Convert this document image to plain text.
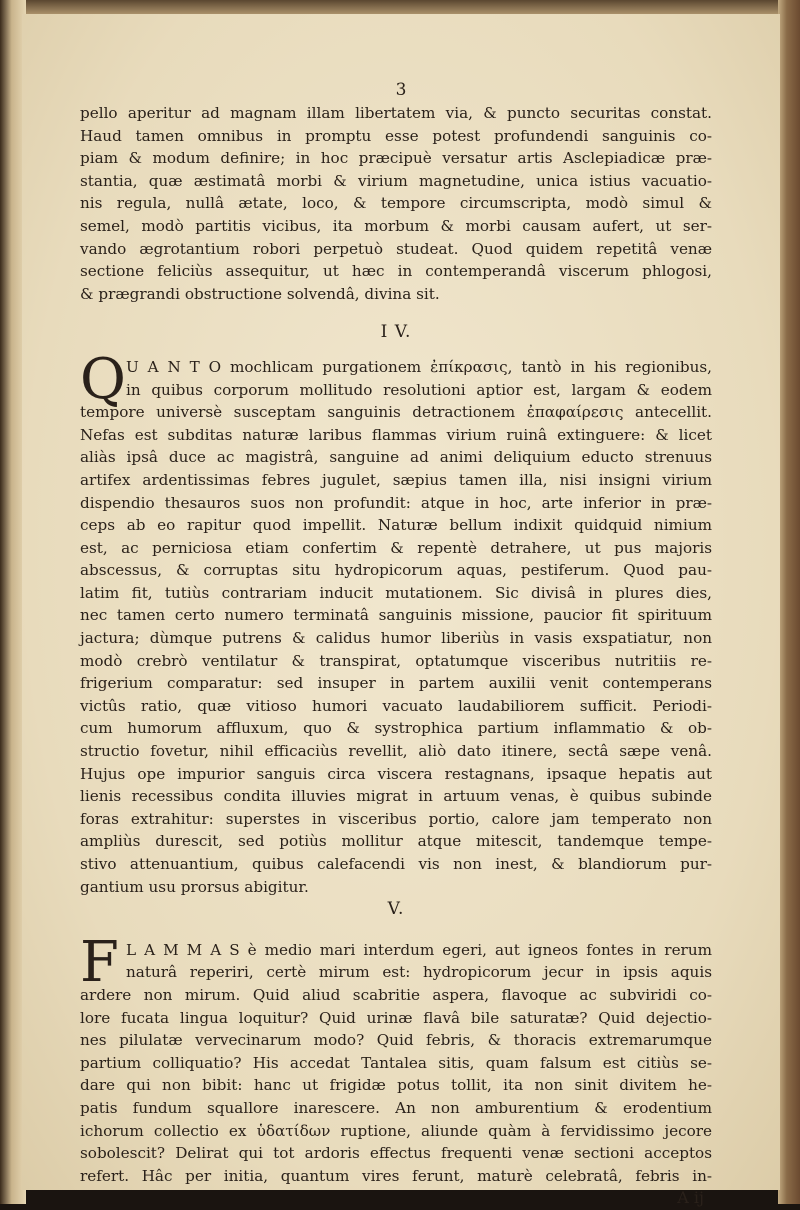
3
pello aperitur ad magnam illam libertatem via, & puncto securitas constat.
Haud tamen omnibus in promptu esse potest profundendi sanguinis co-
piam & modum definire; in hoc præcipuè versatur artis Asclepiadicæ præ-
stantia, quæ æstimatâ morbi & virium magnetudine, unica istius vacuatio-
nis regula, nullâ ætate, loco, & tempore circumscripta, modò simul &
semel, modò partitis vicibus, ita morbum & morbi causam aufert, ut ser-
vando ægrotantium robori perpetuò studeat. Quod quidem repetitâ venæ
sectione feliciùs assequitur, ut hæc in contemperandâ viscerum phlogosi,
& prægrandi obstructione solvendâ, divina sit.
I V.
Q U A N T O mochlicam purgationem ἐπίκρασις, tantò in his regionibus,
in quibus corporum mollitudo resolutioni aptior est, largam & eodem
tempore universè susceptam sanguinis detractionem ἐπαφαίρεσις antecellit.
Nefas est subditas naturæ laribus flammas virium ruinâ extinguere: & licet
aliàs ipsâ duce ac magistrâ, sanguine ad animi deliquium educto strenuus
artifex ardentissimas febres jugulet, sæpius tamen illa, nisi insigni virium
dispendio thesauros suos non profundit: atque in hoc, arte inferior in præ-
ceps ab eo rapitur quod impellit. Naturæ bellum indixit quidquid nimium
est, ac perniciosa etiam confertim & repentè detrahere, ut pus majoris
abscessus, & corruptas situ hydropicorum aquas, pestiferum. Quod pau-
latim fit, tutiùs contrariam inducit mutationem. Sic divisâ in plures dies,
nec tamen certo numero terminatâ sanguinis missione, paucior fit spirituum
jactura; dùmque putrens & calidus humor liberiùs in vasis exspatiatur, non
modò crebrò ventilatur & transpirat, optatumque visceribus nutritiis re-
frigerium comparatur: sed insuper in partem auxilii venit contemperans
victûs ratio, quæ vitioso humori vacuato laudabiliorem sufficit. Periodi-
cum humorum affluxum, quo & systrophica partium inflammatio & ob-
structio fovetur, nihil efficaciùs revellit, aliò dato itinere, sectâ sæpe venâ.
Hujus ope impurior sanguis circa viscera restagnans, ipsaque hepatis aut
lienis recessibus condita illuvies migrat in artuum venas, è quibus subinde
foras extrahitur: superstes in visceribus portio, calore jam temperato non
ampliùs durescit, sed potiùs mollitur atque mitescit, tandemque tempe-
stivo attenuantium, quibus calefacendi vis non inest, & blandiorum pur-
gantium usu prorsus abigitur.
V.
F L A M M A S è medio mari interdum egeri, aut igneos fontes in rerum
naturâ reperiri, certè mirum est: hydropicorum jecur in ipsis aquis
ardere non mirum. Quid aliud scabritie aspera, flavoque ac subviridi co-
lore fucata lingua loquitur? Quid urinæ flavâ bile saturatæ? Quid dejectio-
nes pilulatæ vervecinarum modo? Quid febris, & thoracis extremarumque
partium colliquatio? His accedat Tantalea sitis, quam falsum est citiùs se-
dare qui non bibit: hanc ut frigidæ potus tollit, ita non sinit divitem he-
patis fundum squallore inarescere. An non amburentium & erodentium
ichorum collectio ex ὑδατίδων ruptione, aliunde quàm à fervidissimo jecore
sobolescit? Delirat qui tot ardoris effectus frequenti venæ sectioni acceptos
refert. Hâc per initia, quantum vires ferunt, maturè celebratâ, febris in-
A ij
